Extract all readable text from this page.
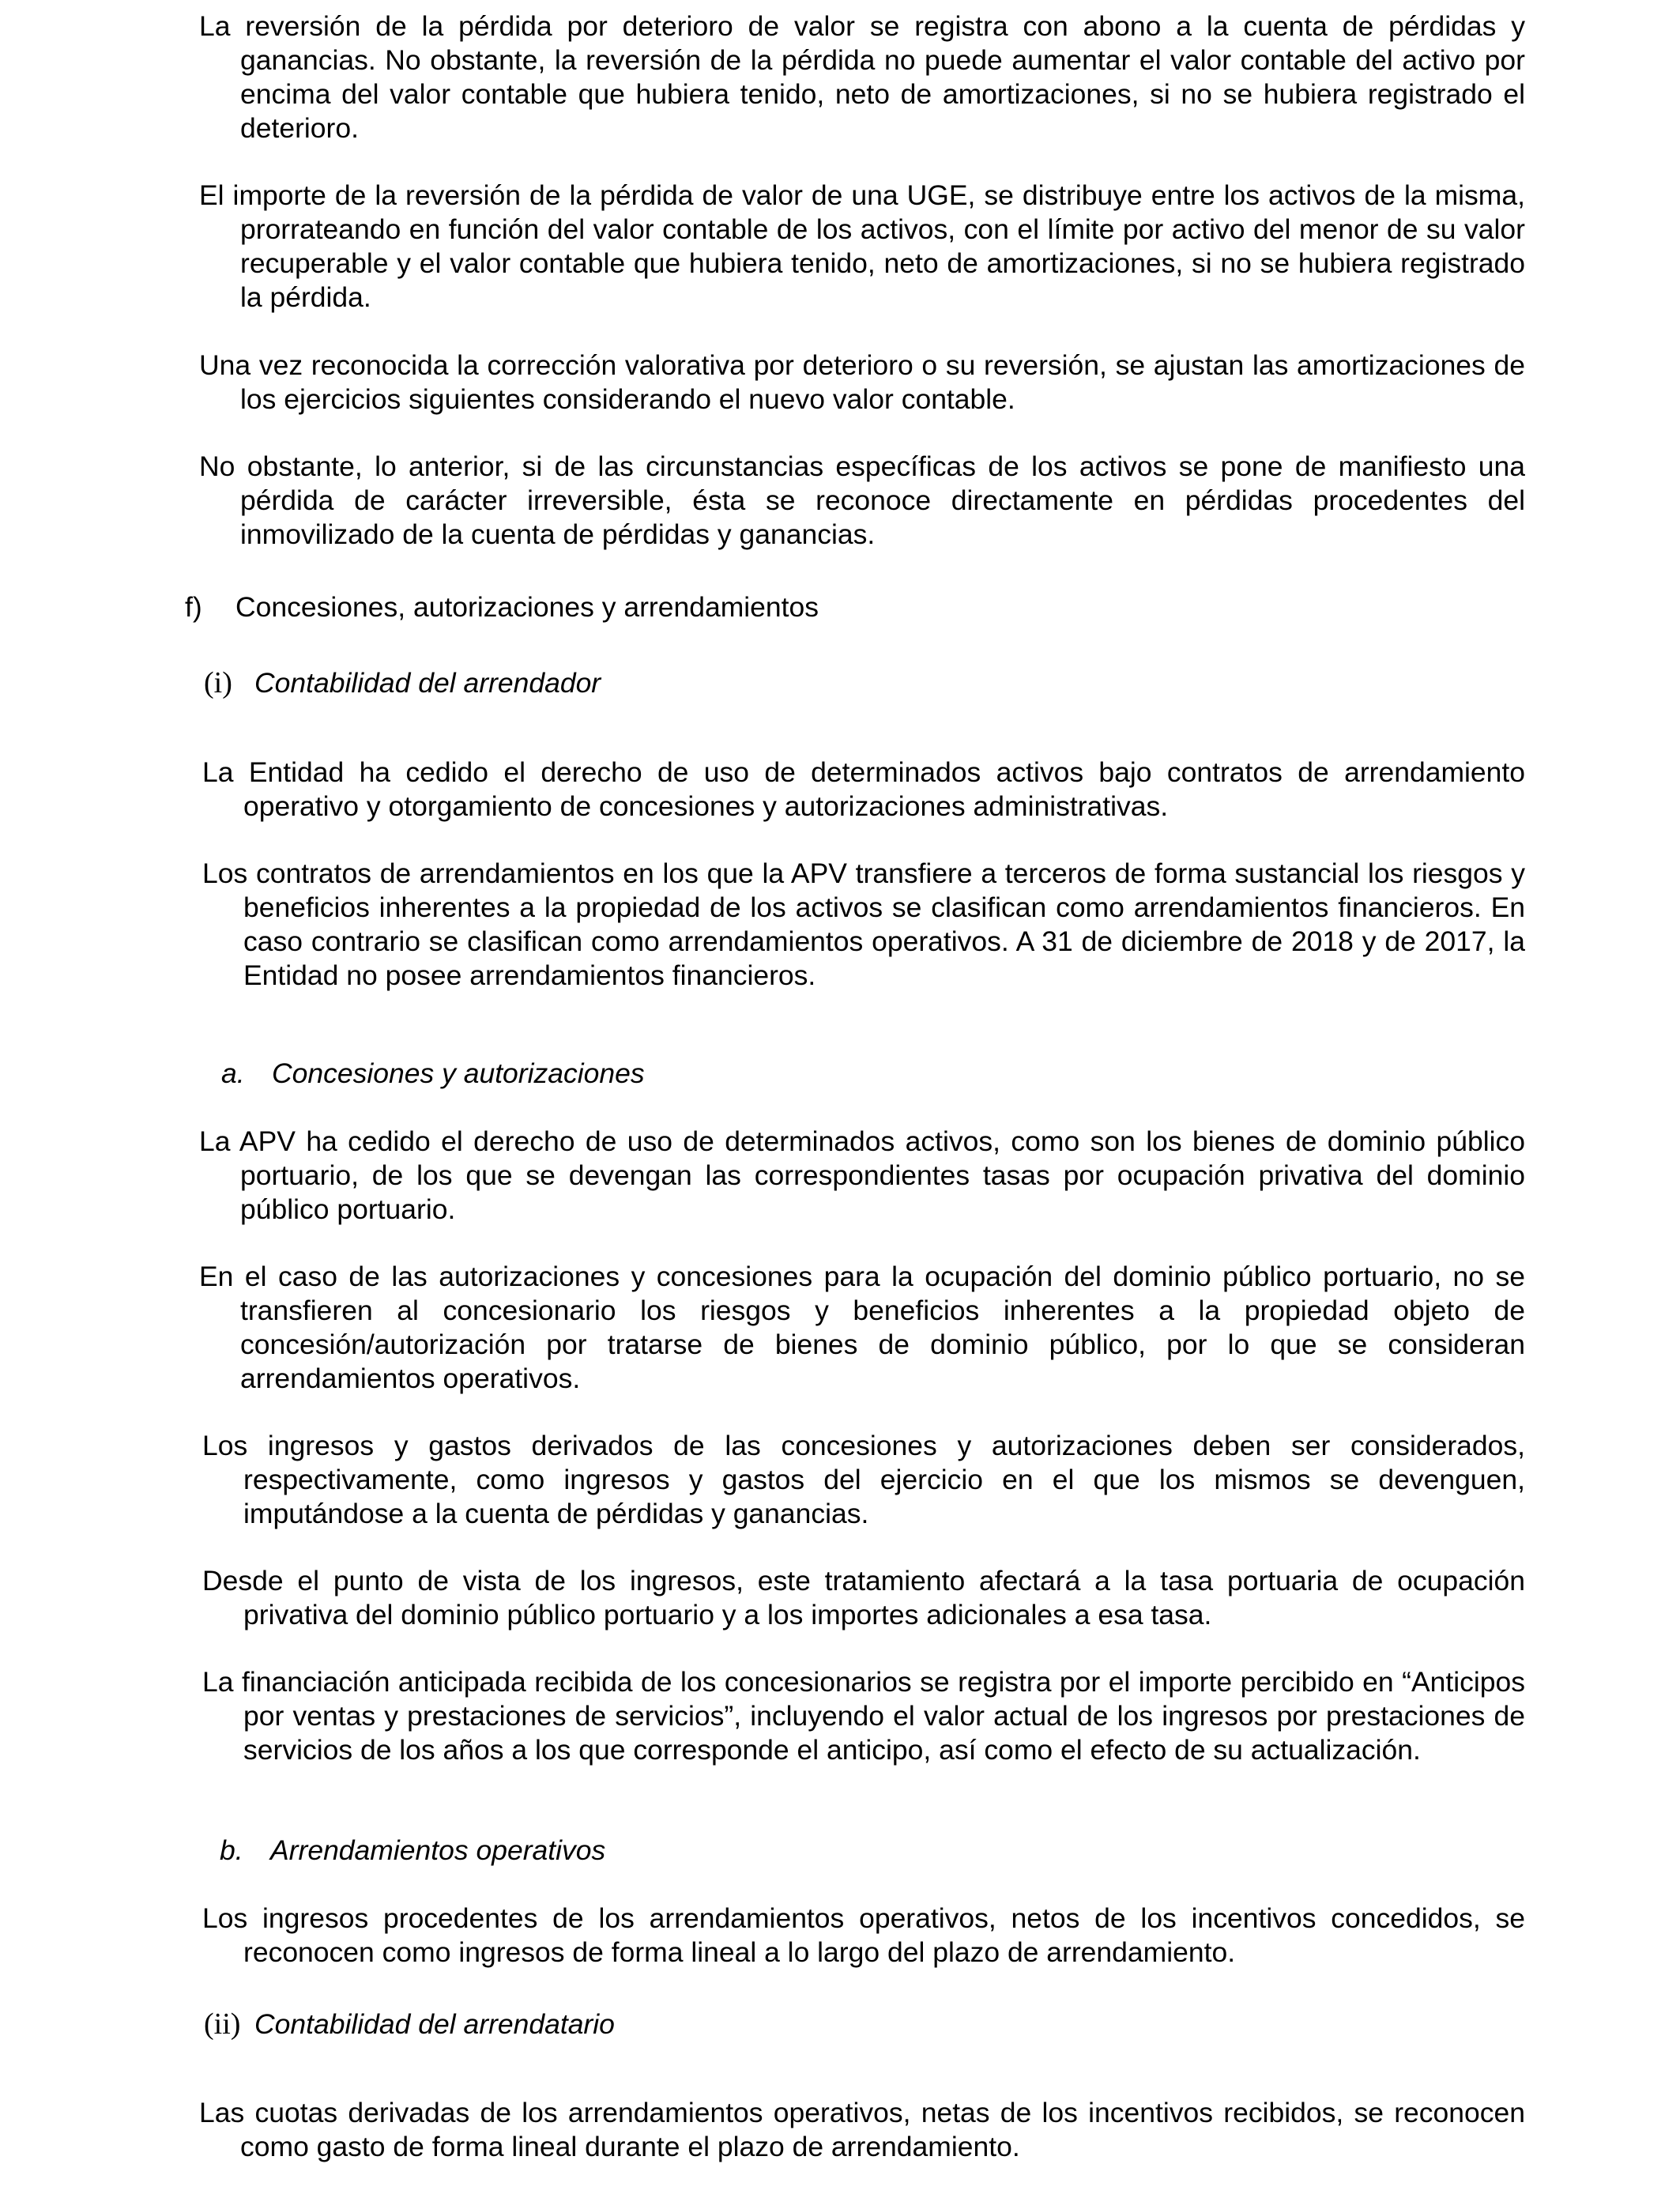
La reversión de la pérdida por deterioro de valor se registra con abono a la cuenta de pérdidas y ganancias. No obstante, la reversión de la pérdida no puede aumentar el valor contable del activo por encima del valor contable que hubiera tenido, neto de amortizaciones, si no se hubiera registrado el deterioro.

El importe de la reversión de la pérdida de valor de una UGE, se distribuye entre los activos de la misma, prorrateando en función del valor contable de los activos, con el límite por activo del menor de su valor recuperable y el valor contable que hubiera tenido, neto de amortizaciones, si no se hubiera registrado la pérdida.

Una vez reconocida la corrección valorativa por deterioro o su reversión, se ajustan las amortizaciones de los ejercicios siguientes considerando el nuevo valor contable.

No obstante, lo anterior, si de las circunstancias específicas de los activos se pone de manifiesto una pérdida de carácter irreversible, ésta se reconoce directamente en pérdidas procedentes del inmovilizado de la cuenta de pérdidas y ganancias.

f) Concesiones, autorizaciones y arrendamientos
(i) Contabilidad del arrendador

La Entidad ha cedido el derecho de uso de determinados activos bajo contratos de arrendamiento operativo y otorgamiento de concesiones y autorizaciones administrativas.

Los contratos de arrendamientos en los que la APV transfiere a terceros de forma sustancial los riesgos y beneficios inherentes a la propiedad de los activos se clasifican como arrendamientos financieros. En caso contrario se clasifican como arrendamientos operativos. A 31 de diciembre de 2018 y de 2017, la Entidad no posee arrendamientos financieros.

a. Concesiones y autorizaciones

La APV ha cedido el derecho de uso de determinados activos, como son los bienes de dominio público portuario, de los que se devengan las correspondientes tasas por ocupación privativa del dominio público portuario.

En el caso de las autorizaciones y concesiones para la ocupación del dominio público portuario, no se transfieren al concesionario los riesgos y beneficios inherentes a la propiedad objeto de concesión/autorización por tratarse de bienes de dominio público, por lo que se consideran arrendamientos operativos.

Los ingresos y gastos derivados de las concesiones y autorizaciones deben ser considerados, respectivamente, como ingresos y gastos del ejercicio en el que los mismos se devenguen, imputándose a la cuenta de pérdidas y ganancias.

Desde el punto de vista de los ingresos, este tratamiento afectará a la tasa portuaria de ocupación privativa del dominio público portuario y a los importes adicionales a esa tasa.

La financiación anticipada recibida de los concesionarios se registra por el importe percibido en “Anticipos por ventas y prestaciones de servicios”, incluyendo el valor actual de los ingresos por prestaciones de servicios de los años a los que corresponde el anticipo, así como el efecto de su actualización.

b. Arrendamientos operativos

Los ingresos procedentes de los arrendamientos operativos, netos de los incentivos concedidos, se reconocen como ingresos de forma lineal a lo largo del plazo de arrendamiento.

(ii) Contabilidad del arrendatario

Las cuotas derivadas de los arrendamientos operativos, netas de los incentivos recibidos, se reconocen como gasto de forma lineal durante el plazo de arrendamiento.
